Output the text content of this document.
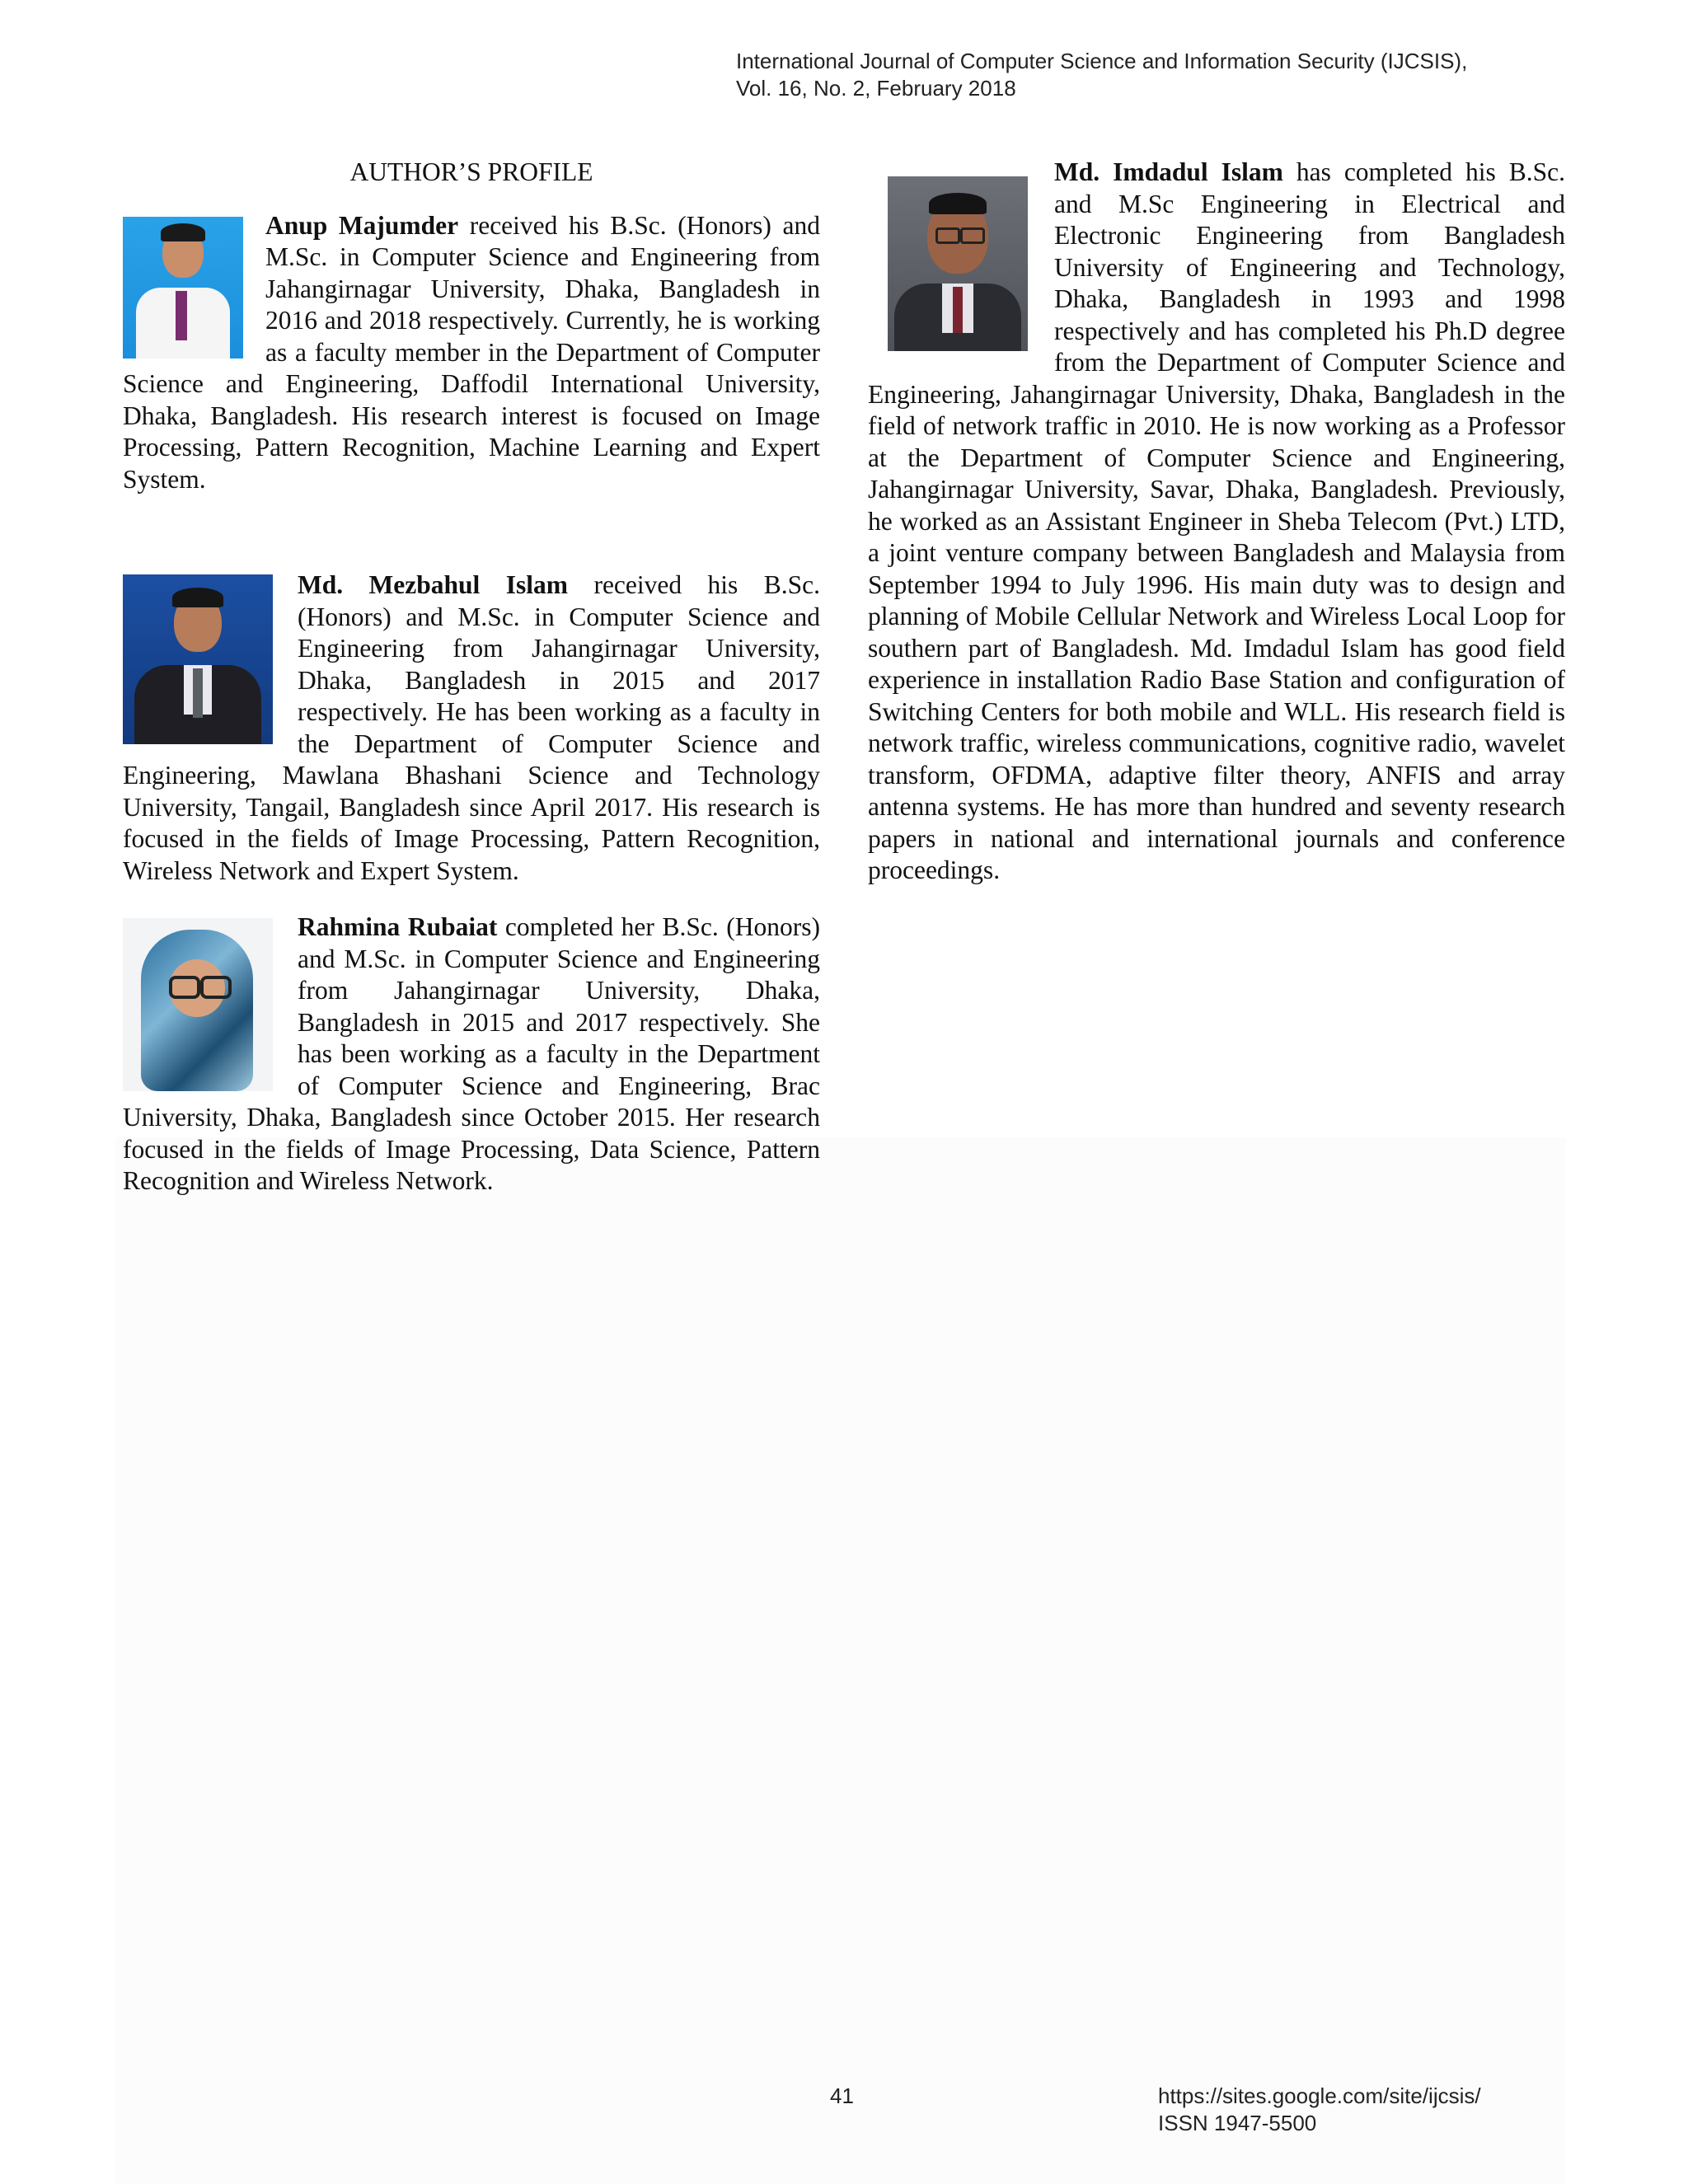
International Journal of Computer Science and Information Security (IJCSIS),
Vol. 16, No. 2, February 2018
AUTHOR’S PROFILE

Anup Majumder received his B.Sc. (Honors) and M.Sc. in Computer Science and Engineering from Jahangirnagar University, Dhaka, Bangladesh in 2016 and 2018 respectively. Currently, he is working as a faculty member in the Department of Computer Science and Engineering, Daffodil International University, Dhaka, Bangladesh. His research interest is focused on Image Processing, Pattern Recognition, Machine Learning and Expert System.

Md. Mezbahul Islam received his B.Sc. (Honors) and M.Sc. in Computer Science and Engineering from Jahangirnagar University, Dhaka, Bangladesh in 2015 and 2017 respectively. He has been working as a faculty in the Department of Computer Science and Engineering, Mawlana Bhashani Science and Technology University, Tangail, Bangladesh since April 2017. His research is focused in the fields of Image Processing, Pattern Recognition, Wireless Network and Expert System.

Rahmina Rubaiat completed her B.Sc. (Honors) and M.Sc. in Computer Science and Engineering from Jahangirnagar University, Dhaka, Bangladesh in 2015 and 2017 respectively. She has been working as a faculty in the Department of Computer Science and Engineering, Brac University, Dhaka, Bangladesh since October 2015. Her research focused in the fields of Image Processing, Data Science, Pattern Recognition and Wireless Network.

Md. Imdadul Islam has completed his B.Sc. and M.Sc Engineering in Electrical and Electronic Engineering from Bangladesh University of Engineering and Technology, Dhaka, Bangladesh in 1993 and 1998 respectively and has completed his Ph.D degree from the Department of Computer Science and Engineering, Jahangirnagar University, Dhaka, Bangladesh in the field of network traffic in 2010. He is now working as a Professor at the Department of Computer Science and Engineering, Jahangirnagar University, Savar, Dhaka, Bangladesh. Previously, he worked as an Assistant Engineer in Sheba Telecom (Pvt.) LTD, a joint venture company between Bangladesh and Malaysia from September 1994 to July 1996. His main duty was to design and planning of Mobile Cellular Network and Wireless Local Loop for southern part of Bangladesh. Md. Imdadul Islam has good field experience in installation Radio Base Station and configuration of Switching Centers for both mobile and WLL. His research field is network traffic, wireless communications, cognitive radio, wavelet transform, OFDMA, adaptive filter theory, ANFIS and array antenna systems. He has more than hundred and seventy research papers in national and international journals and conference proceedings.

41	https://sites.google.com/site/ijcsis/
ISSN 1947-5500
